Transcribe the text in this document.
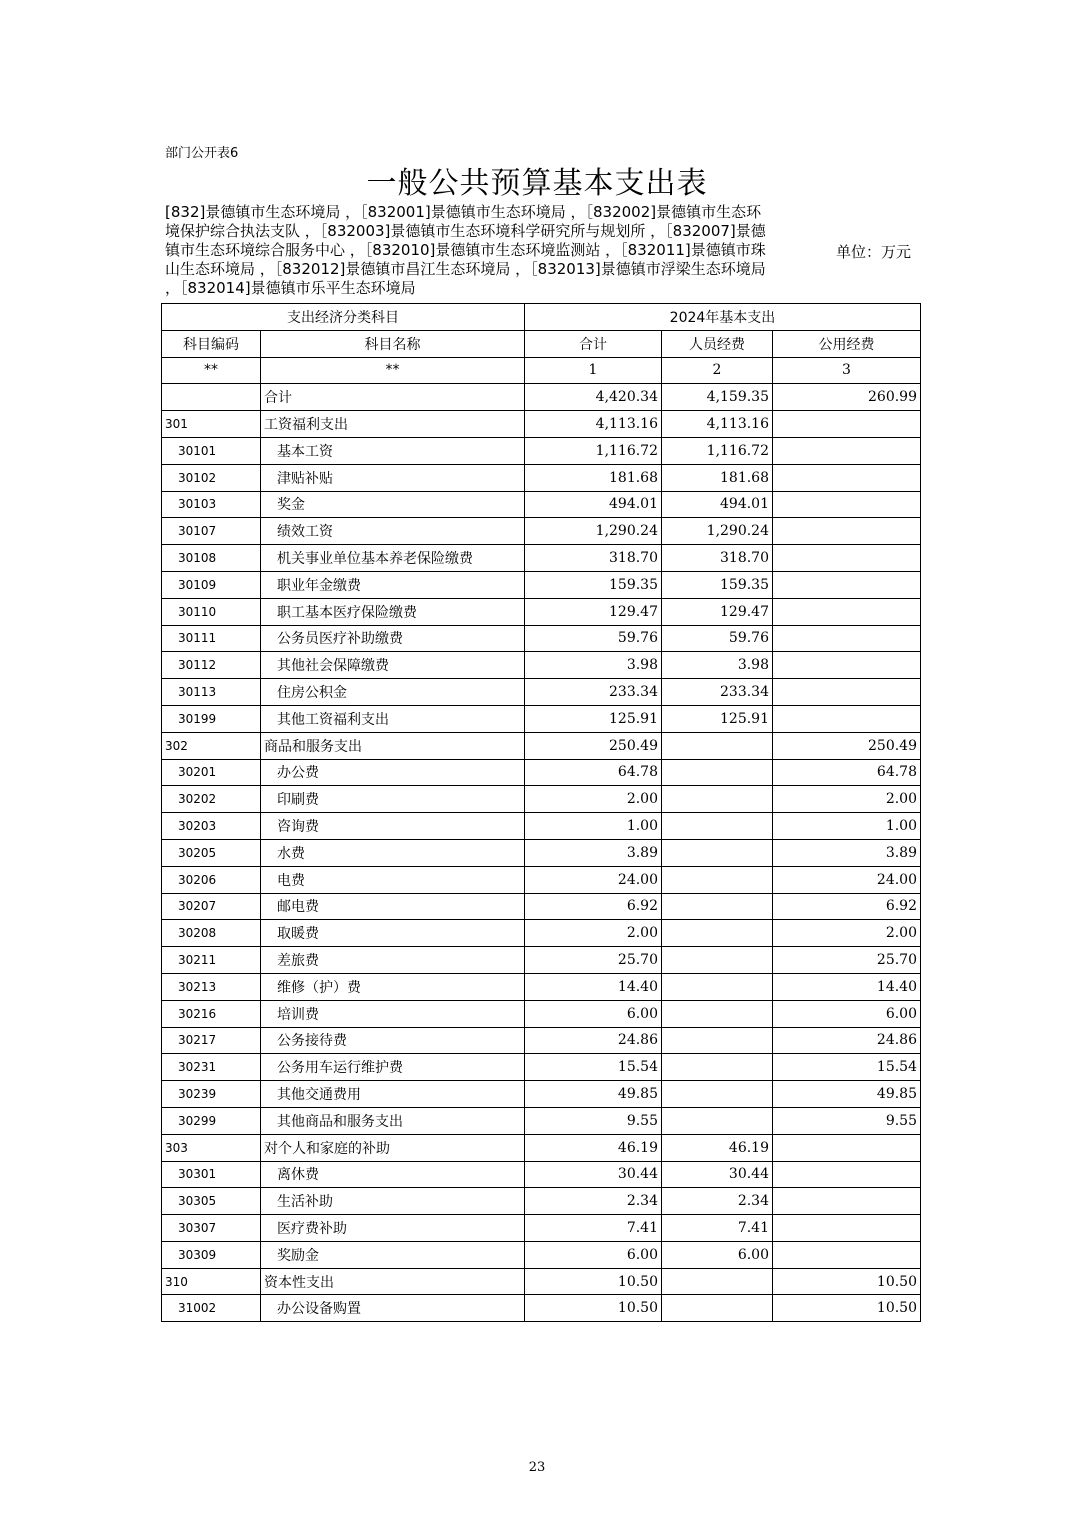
部门公开表6
一般公共预算基本支出表
[832]景德镇市生态环境局 ，［832001]景德镇市生态环境局 ，［832002]景德镇市生态环境保护综合执法支队 ，［832003]景德镇市生态环境科学研究所与规划所 ，［832007]景德镇市生态环境综合服务中心 ，［832010]景德镇市生态环境监测站 ，［832011]景德镇市珠山生态环境局 ，［832012]景德镇市昌江生态环境局 ，［832013]景德镇市浮梁生态环境局 ，［832014]景德镇市乐平生态环境局
单位：万元
支出经济分类科目		2024年基本支出		
科目编码	科目名称	合计	人员经费	公用经费
**	**	1	2	3
	合计	4,420.34	4,159.35	260.99
301	工资福利支出	4,113.16	4,113.16	
30101	基本工资	1,116.72	1,116.72	
30102	津贴补贴	181.68	181.68	
30103	奖金	494.01	494.01	
30107	绩效工资	1,290.24	1,290.24	
30108	机关事业单位基本养老保险缴费	318.70	318.70	
30109	职业年金缴费	159.35	159.35	
30110	职工基本医疗保险缴费	129.47	129.47	
30111	公务员医疗补助缴费	59.76	59.76	
30112	其他社会保障缴费	3.98	3.98	
30113	住房公积金	233.34	233.34	
30199	其他工资福利支出	125.91	125.91	
302	商品和服务支出	250.49		250.49
30201	办公费	64.78		64.78
30202	印刷费	2.00		2.00
30203	咨询费	1.00		1.00
30205	水费	3.89		3.89
30206	电费	24.00		24.00
30207	邮电费	6.92		6.92
30208	取暖费	2.00		2.00
30211	差旅费	25.70		25.70
30213	维修（护）费	14.40		14.40
30216	培训费	6.00		6.00
30217	公务接待费	24.86		24.86
30231	公务用车运行维护费	15.54		15.54
30239	其他交通费用	49.85		49.85
30299	其他商品和服务支出	9.55		9.55
303	对个人和家庭的补助	46.19	46.19	
30301	离休费	30.44	30.44	
30305	生活补助	2.34	2.34	
30307	医疗费补助	7.41	7.41	
30309	奖励金	6.00	6.00	
310	资本性支出	10.50		10.50
31002	办公设备购置	10.50		10.50
23
